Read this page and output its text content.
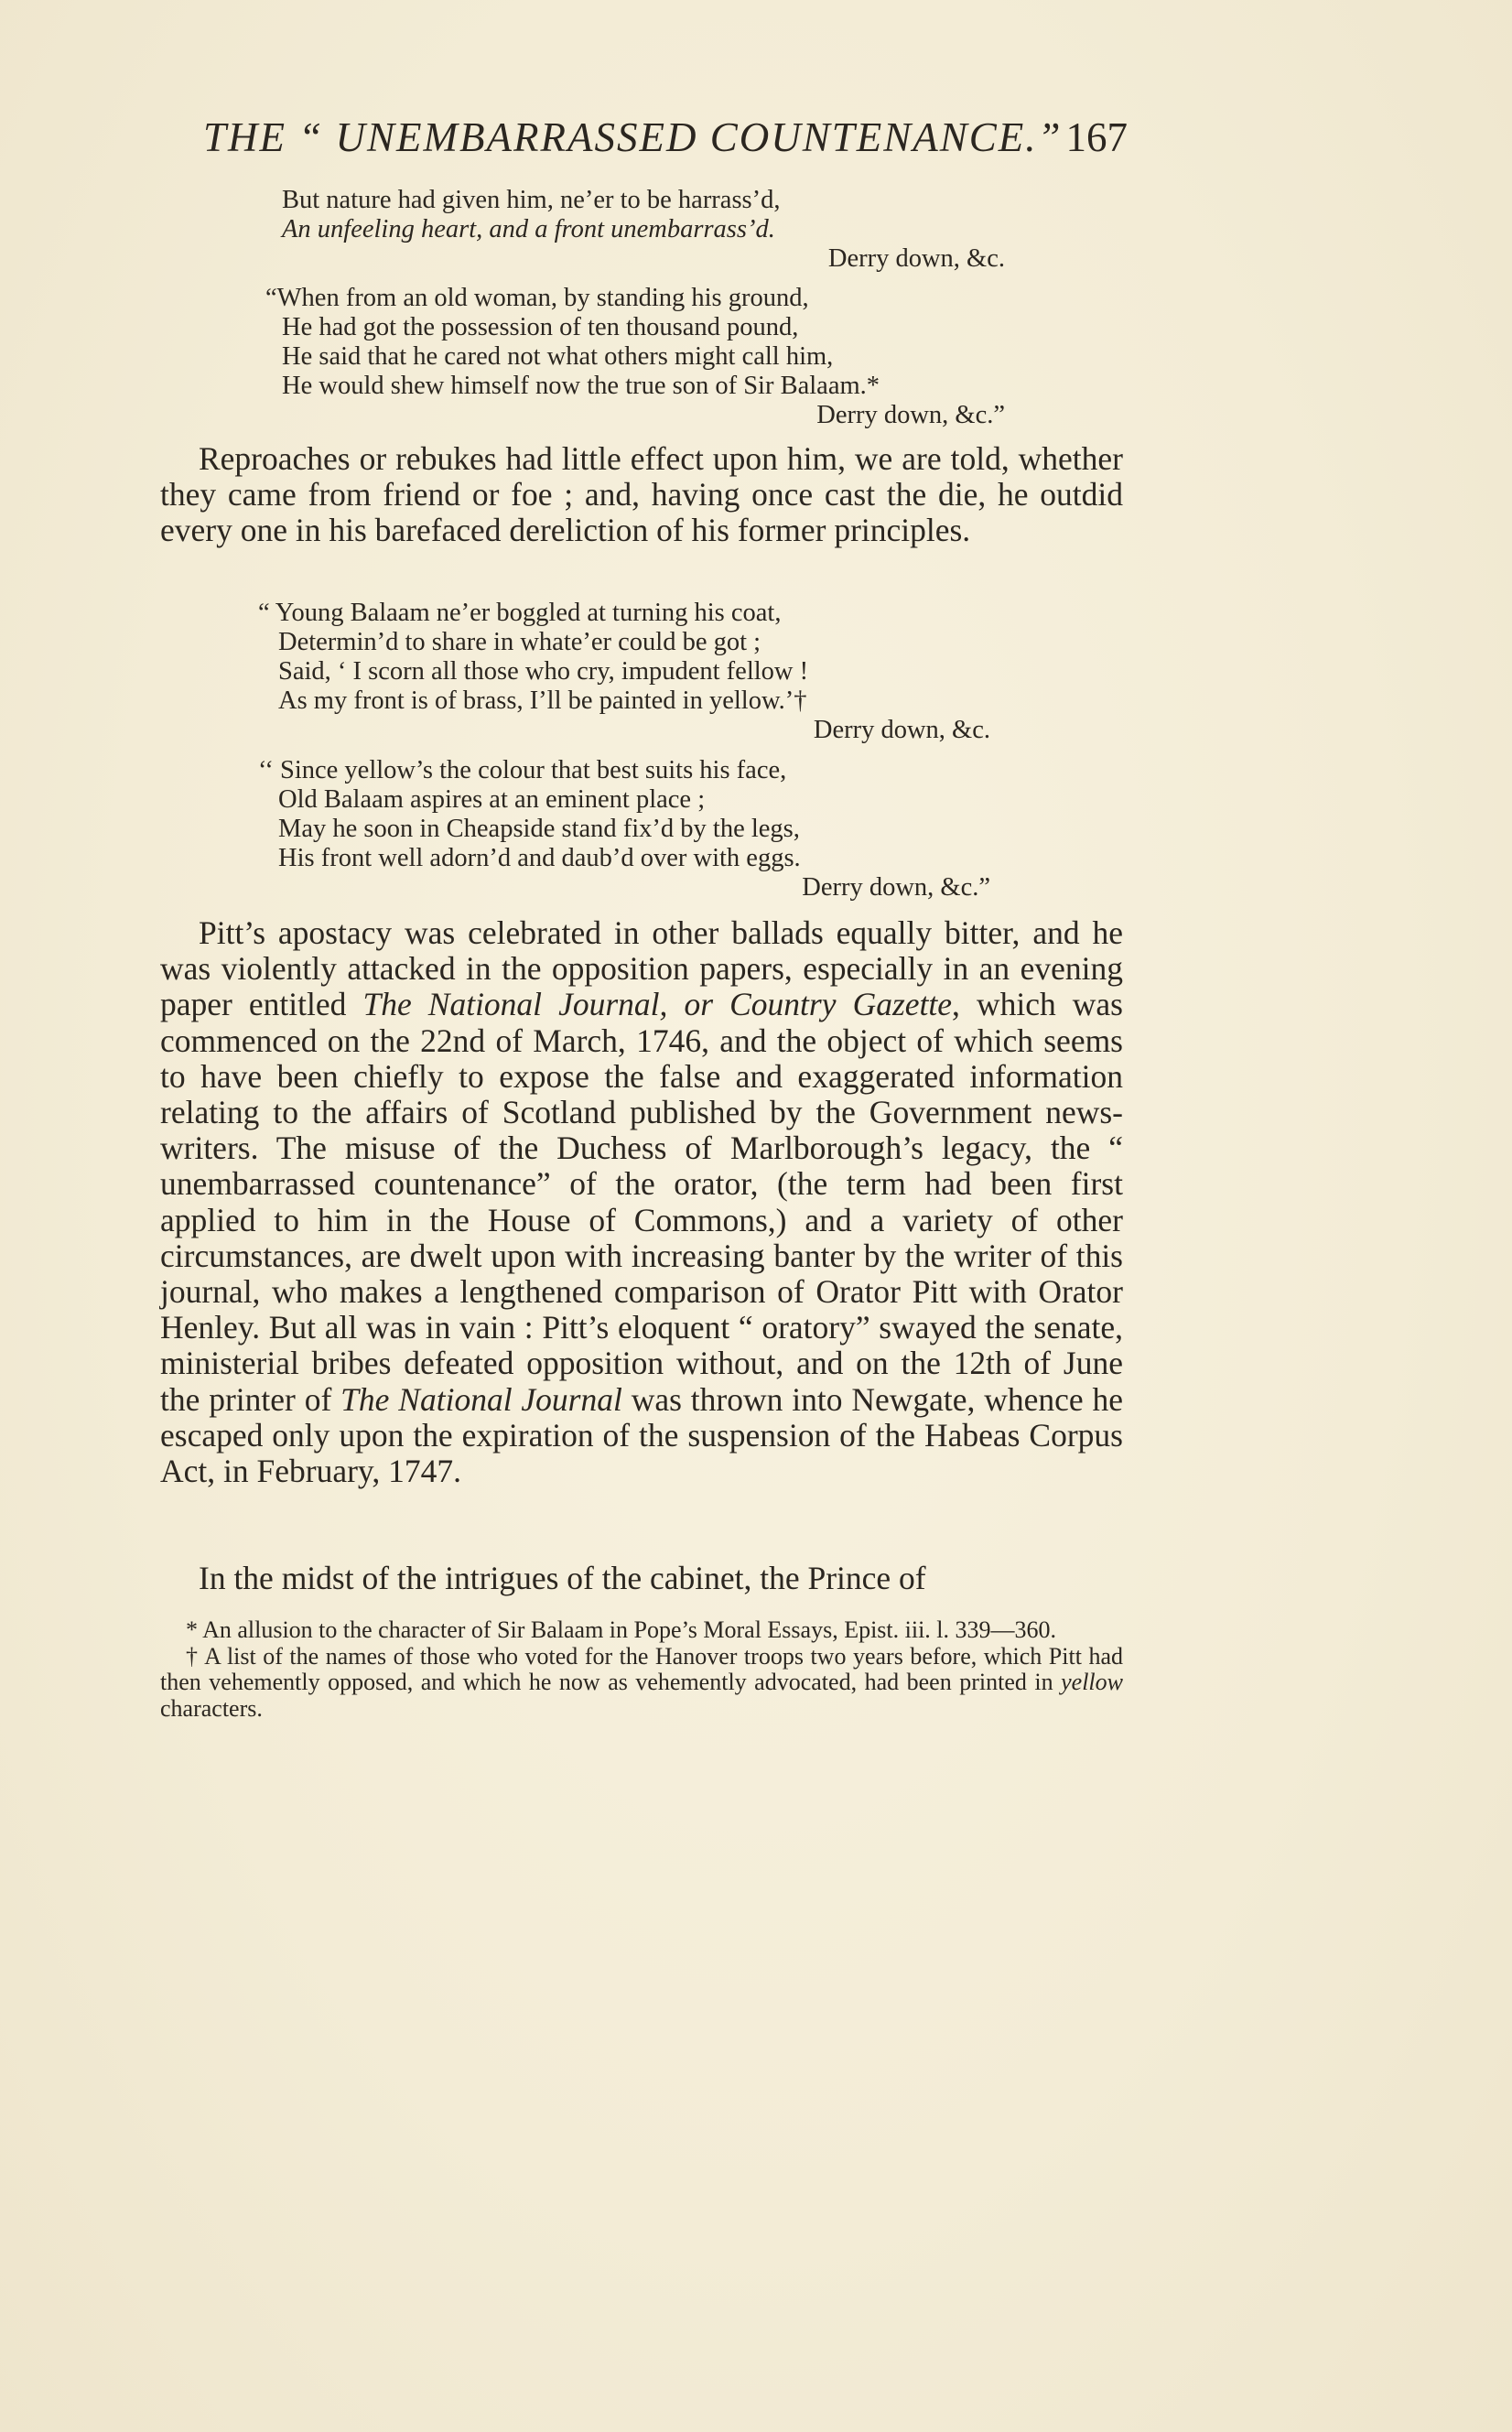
THE “ UNEMBARRASSED COUNTENANCE.” 167
But nature had given him, ne’er to be harrass’d,
An unfeeling heart, and a front unembarrass’d.
Derry down, &c.
“When from an old woman, by standing his ground,
He had got the possession of ten thousand pound,
He said that he cared not what others might call him,
He would shew himself now the true son of Sir Balaam.*
Derry down, &c.”

Reproaches or rebukes had little effect upon him, we are told, whether they came from friend or foe ; and, having once cast the die, he outdid every one in his barefaced dereliction of his former principles.

“ Young Balaam ne’er boggled at turning his coat,
Determin’d to share in whate’er could be got ;
Said, ‘ I scorn all those who cry, impudent fellow !
As my front is of brass, I’ll be painted in yellow.’†
Derry down, &c.
‘‘ Since yellow’s the colour that best suits his face,
Old Balaam aspires at an eminent place ;
May he soon in Cheapside stand fix’d by the legs,
His front well adorn’d and daub’d over with eggs.
Derry down, &c.”

Pitt’s apostacy was celebrated in other ballads equally bitter, and he was violently attacked in the opposition papers, especially in an evening paper entitled The National Journal, or Country Gazette, which was commenced on the 22nd of March, 1746, and the object of which seems to have been chiefly to expose the false and exaggerated information relating to the affairs of Scotland published by the Government news-writers. The misuse of the Duchess of Marlborough’s legacy, the “ unembarrassed countenance” of the orator, (the term had been first applied to him in the House of Commons,) and a variety of other circumstances, are dwelt upon with increasing banter by the writer of this journal, who makes a lengthened comparison of Orator Pitt with Orator Henley. But all was in vain : Pitt’s eloquent “ oratory” swayed the senate, ministerial bribes defeated opposition without, and on the 12th of June the printer of The National Journal was thrown into Newgate, whence he escaped only upon the expiration of the suspension of the Habeas Corpus Act, in February, 1747.

In the midst of the intrigues of the cabinet, the Prince of

* An allusion to the character of Sir Balaam in Pope’s Moral Essays, Epist. iii. l. 339—360.

† A list of the names of those who voted for the Hanover troops two years before, which Pitt had then vehemently opposed, and which he now as vehemently advocated, had been printed in yellow characters.
